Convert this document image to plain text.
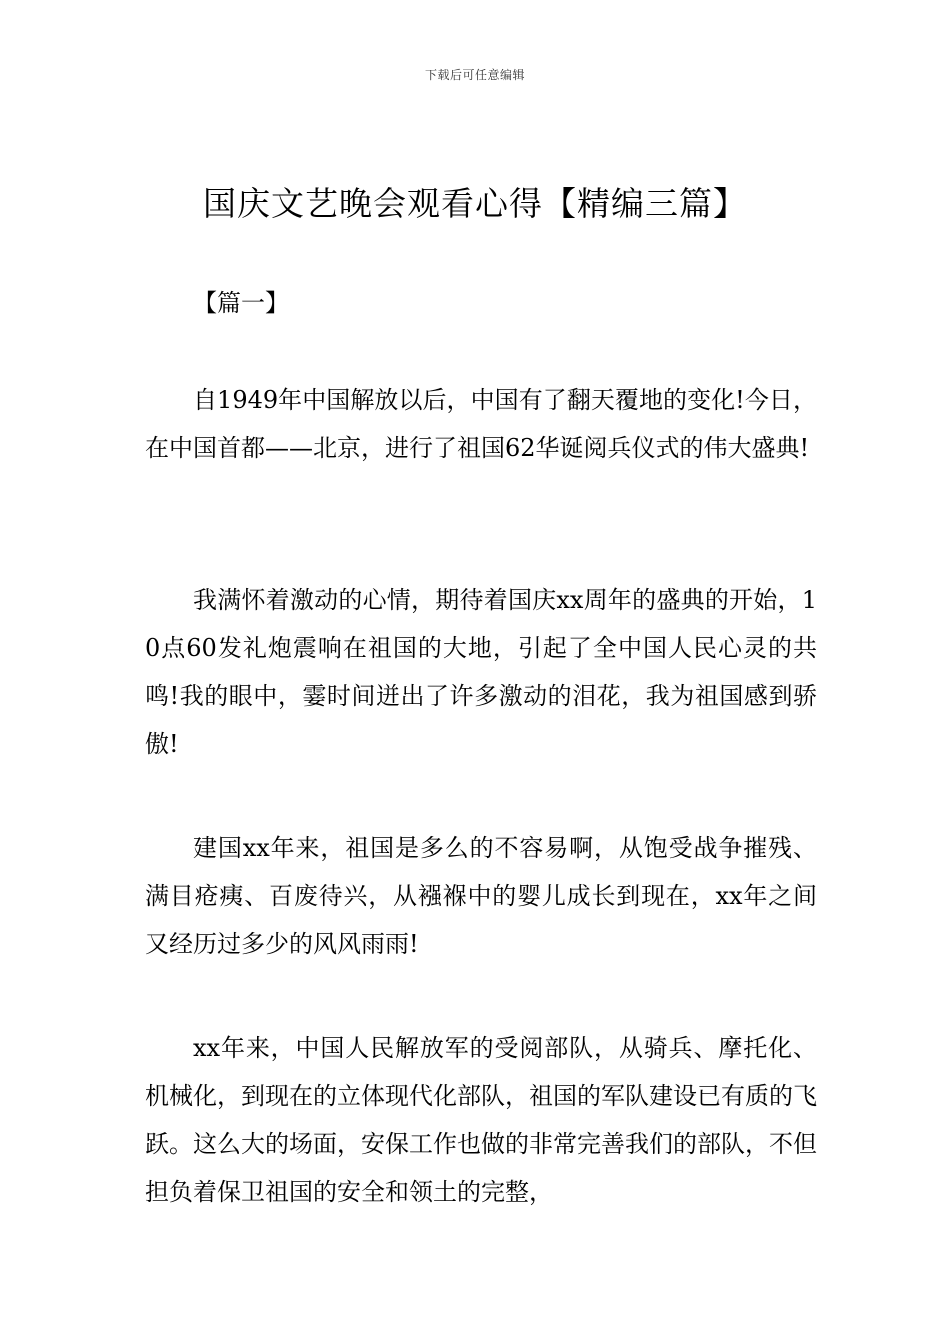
下载后可任意编辑
国庆文艺晚会观看心得【精编三篇】
【篇一】

自1949年中国解放以后，中国有了翻天覆地的变化!今日，在中国首都——北京，进行了祖国62华诞阅兵仪式的伟大盛典!

我满怀着激动的心情，期待着国庆xx周年的盛典的开始，10点60发礼炮震响在祖国的大地，引起了全中国人民心灵的共鸣!我的眼中，霎时间迸出了许多激动的泪花，我为祖国感到骄傲!

建国xx年来，祖国是多么的不容易啊，从饱受战争摧残、满目疮痍、百废待兴，从襁褓中的婴儿成长到现在，xx年之间又经历过多少的风风雨雨!

xx年来，中国人民解放军的受阅部队，从骑兵、摩托化、机械化，到现在的立体现代化部队，祖国的军队建设已有质的飞跃。这么大的场面，安保工作也做的非常完善我们的部队，不但担负着保卫祖国的安全和领土的完整，
